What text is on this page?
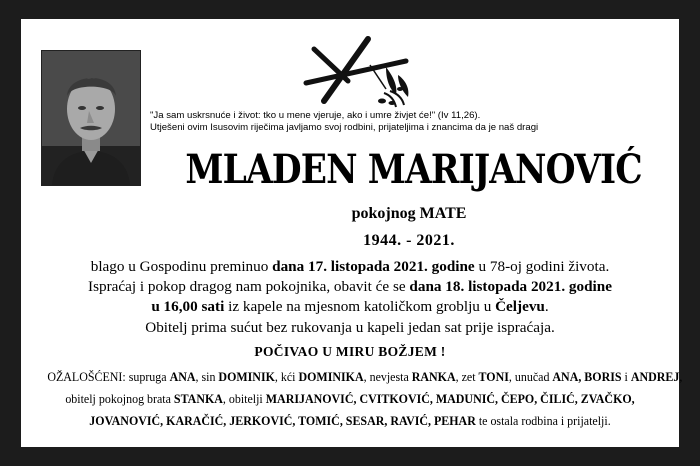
"Ja sam uskrsnuće i život: tko u mene vjeruje, ako i umre živjet će!" (Iv 11,26).
Utješeni ovim Isusovim riječima javljamo svoj rodbini, prijateljima i znancima da je naš dragi
MLADEN MARIJANOVIĆ
pokojnog MATE
1944. - 2021.
blago u Gospodinu preminuo dana 17. listopada 2021. godine u 78-oj godini života.
Ispraćaj i pokop dragog nam pokojnika, obavit će se dana 18. listopada 2021. godine
u 16,00 sati iz kapele na mjesnom katoličkom groblju u Čeljevu.
Obitelj prima sućut bez rukovanja u kapeli jedan sat prije ispraćaja.
POČIVAO U MIRU BOŽJEM !
OŽALOŠĆENI: supruga ANA, sin DOMINIK, kći DOMINIKA, nevjesta RANKA, zet TONI, unučad ANA, BORIS i ANDREJ,
obitelj pokojnog brata STANKA, obitelji MARIJANOVIĆ, CVITKOVIĆ, MADUNIĆ, ČEPO, ČILIĆ, ZVAČKO,
JOVANOVIĆ, KARAČIĆ, JERKOVIĆ, TOMIĆ, SESAR, RAVIĆ, PEHAR te ostala rodbina i prijatelji.
